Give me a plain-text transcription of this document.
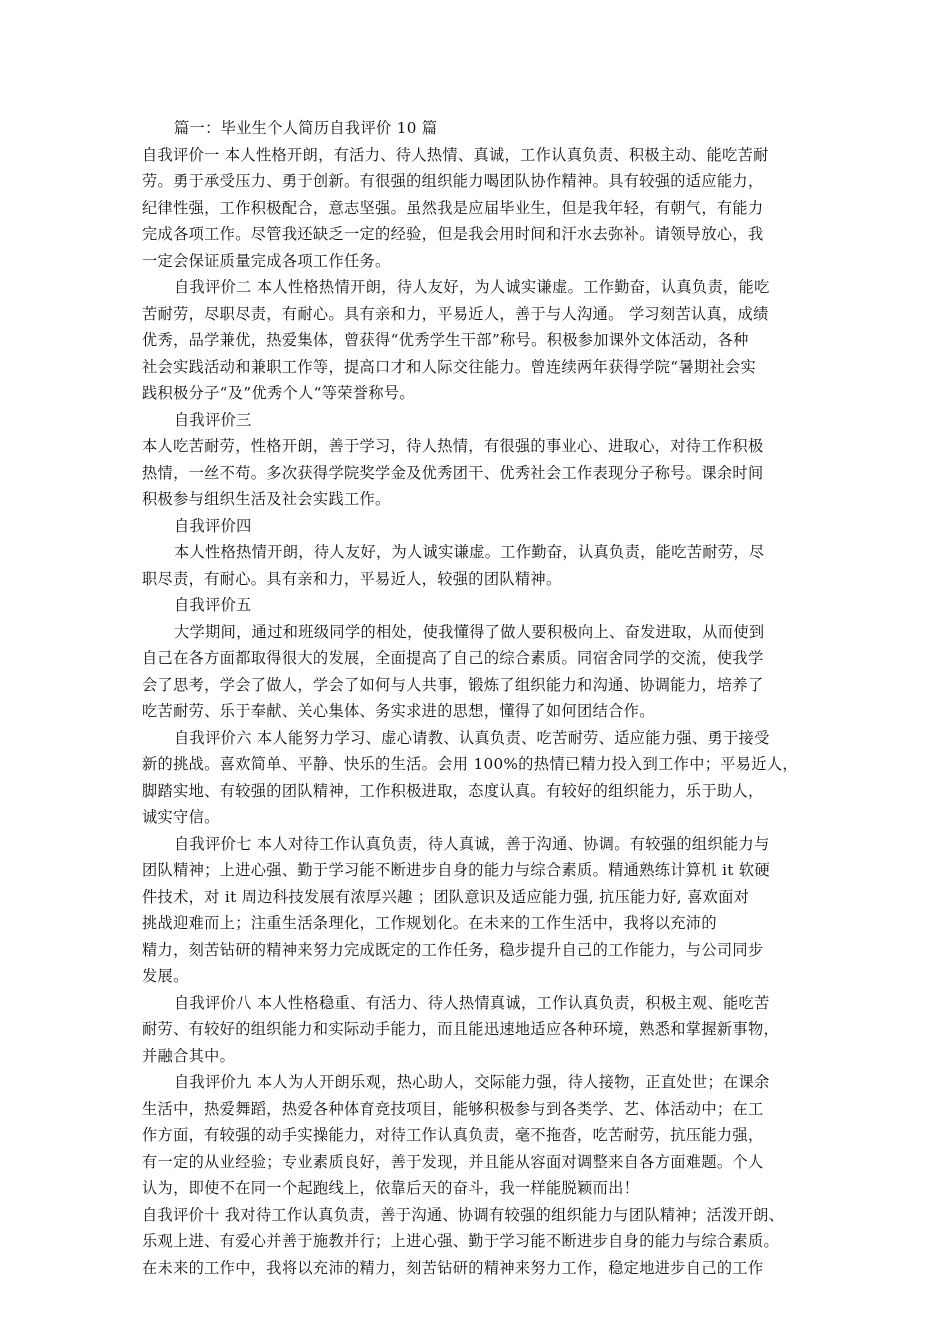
篇一：毕业生个人简历自我评价 10 篇
自我评价一 本人性格开朗，有活力、待人热情、真诚，工作认真负责、积极主动、能吃苦耐
劳。勇于承受压力、勇于创新。有很强的组织能力喝团队协作精神。具有较强的适应能力，
纪律性强，工作积极配合，意志坚强。虽然我是应届毕业生，但是我年轻，有朝气，有能力
完成各项工作。尽管我还缺乏一定的经验，但是我会用时间和汗水去弥补。请领导放心，我
一定会保证质量完成各项工作任务。
自我评价二 本人性格热情开朗，待人友好，为人诚实谦虚。工作勤奋，认真负责，能吃
苦耐劳，尽职尽责，有耐心。具有亲和力，平易近人，善于与人沟通。 学习刻苦认真，成绩
优秀，品学兼优，热爱集体，曾获得“优秀学生干部”称号。积极参加课外文体活动，各种
社会实践活动和兼职工作等，提高口才和人际交往能力。曾连续两年获得学院“暑期社会实
践积极分子“及”优秀个人“等荣誉称号。
自我评价三
本人吃苦耐劳，性格开朗，善于学习，待人热情，有很强的事业心、进取心，对待工作积极
热情，一丝不苟。多次获得学院奖学金及优秀团干、优秀社会工作表现分子称号。课余时间
积极参与组织生活及社会实践工作。
自我评价四
本人性格热情开朗，待人友好，为人诚实谦虚。工作勤奋，认真负责，能吃苦耐劳，尽
职尽责，有耐心。具有亲和力，平易近人，较强的团队精神。
自我评价五
大学期间，通过和班级同学的相处，使我懂得了做人要积极向上、奋发进取，从而使到
自己在各方面都取得很大的发展，全面提高了自己的综合素质。同宿舍同学的交流，使我学
会了思考，学会了做人，学会了如何与人共事，锻炼了组织能力和沟通、协调能力，培养了
吃苦耐劳、乐于奉献、关心集体、务实求进的思想，懂得了如何团结合作。
自我评价六 本人能努力学习、虚心请教、认真负责、吃苦耐劳、适应能力强、勇于接受
新的挑战。喜欢简单、平静、快乐的生活。会用 100%的热情已精力投入到工作中；平易近人，
脚踏实地、有较强的团队精神，工作积极进取，态度认真。有较好的组织能力，乐于助人，
诚实守信。
自我评价七 本人对待工作认真负责，待人真诚，善于沟通、协调。有较强的组织能力与
团队精神；上进心强、勤于学习能不断进步自身的能力与综合素质。精通熟练计算机 it 软硬
件技术，对 it 周边科技发展有浓厚兴趣 ；团队意识及适应能力强, 抗压能力好, 喜欢面对
挑战迎难而上；注重生活条理化，工作规划化。在未来的工作生活中，我将以充沛的
精力，刻苦钻研的精神来努力完成既定的工作任务，稳步提升自己的工作能力，与公司同步
发展。
自我评价八 本人性格稳重、有活力、待人热情真诚，工作认真负责，积极主观、能吃苦
耐劳、有较好的组织能力和实际动手能力，而且能迅速地适应各种环境，熟悉和掌握新事物，
并融合其中。
自我评价九 本人为人开朗乐观，热心助人，交际能力强，待人接物，正直处世；在课余
生活中，热爱舞蹈，热爱各种体育竞技项目，能够积极参与到各类学、艺、体活动中；在工
作方面，有较强的动手实操能力，对待工作认真负责，毫不拖沓，吃苦耐劳，抗压能力强，
有一定的从业经验；专业素质良好，善于发现，并且能从容面对调整来自各方面难题。个人
认为，即使不在同一个起跑线上，依靠后天的奋斗，我一样能脱颖而出！
自我评价十 我对待工作认真负责，善于沟通、协调有较强的组织能力与团队精神；活泼开朗、
乐观上进、有爱心并善于施教并行；上进心强、勤于学习能不断进步自身的能力与综合素质。
在未来的工作中，我将以充沛的精力，刻苦钻研的精神来努力工作，稳定地进步自己的工作
